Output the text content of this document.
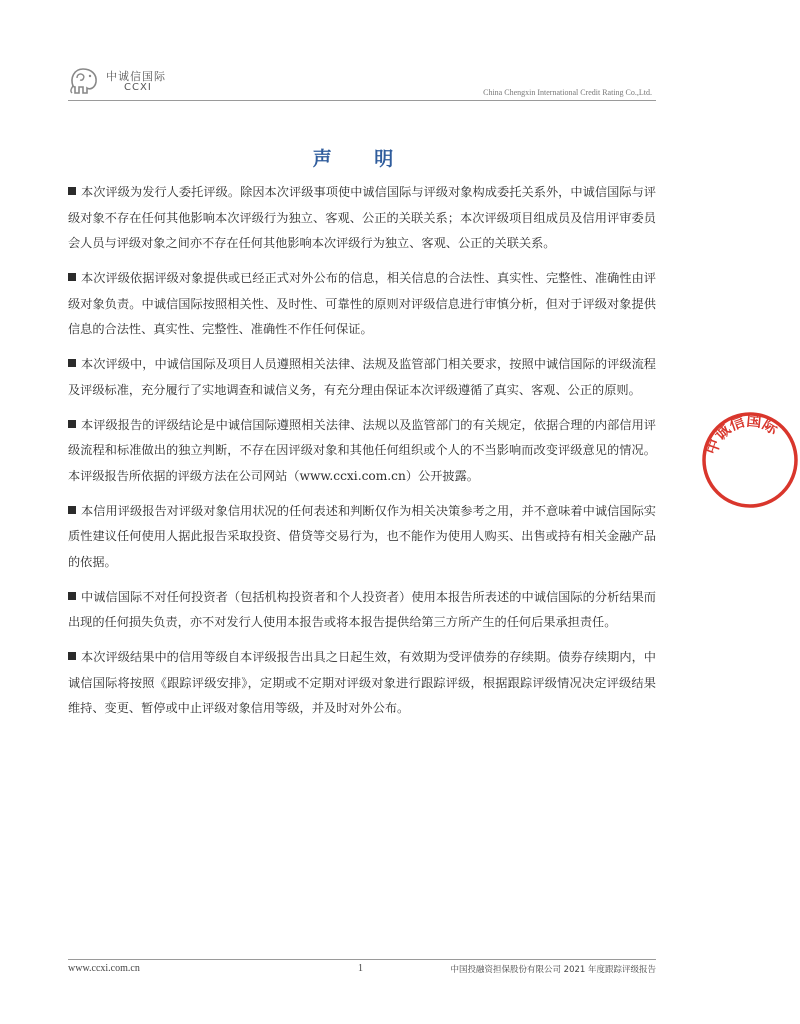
中诚信国际
CCXI	China Chengxin International Credit Rating Co.,Ltd.
声 明

本次评级为发行人委托评级。除因本次评级事项使中诚信国际与评级对象构成委托关系外，中诚信国际与评级对象不存在任何其他影响本次评级行为独立、客观、公正的关联关系；本次评级项目组成员及信用评审委员会人员与评级对象之间亦不存在任何其他影响本次评级行为独立、客观、公正的关联关系。

本次评级依据评级对象提供或已经正式对外公布的信息，相关信息的合法性、真实性、完整性、准确性由评级对象负责。中诚信国际按照相关性、及时性、可靠性的原则对评级信息进行审慎分析，但对于评级对象提供信息的合法性、真实性、完整性、准确性不作任何保证。

本次评级中，中诚信国际及项目人员遵照相关法律、法规及监管部门相关要求，按照中诚信国际的评级流程及评级标准，充分履行了实地调查和诚信义务，有充分理由保证本次评级遵循了真实、客观、公正的原则。

本评级报告的评级结论是中诚信国际遵照相关法律、法规以及监管部门的有关规定，依据合理的内部信用评级流程和标准做出的独立判断，不存在因评级对象和其他任何组织或个人的不当影响而改变评级意见的情况。本评级报告所依据的评级方法在公司网站（www.ccxi.com.cn）公开披露。

本信用评级报告对评级对象信用状况的任何表述和判断仅作为相关决策参考之用，并不意味着中诚信国际实质性建议任何使用人据此报告采取投资、借贷等交易行为，也不能作为使用人购买、出售或持有相关金融产品的依据。

中诚信国际不对任何投资者（包括机构投资者和个人投资者）使用本报告所表述的中诚信国际的分析结果而出现的任何损失负责，亦不对发行人使用本报告或将本报告提供给第三方所产生的任何后果承担责任。

本次评级结果中的信用等级自本评级报告出具之日起生效，有效期为受评债券的存续期。债券存续期内，中诚信国际将按照《跟踪评级安排》，定期或不定期对评级对象进行跟踪评级，根据跟踪评级情况决定评级结果维持、变更、暂停或中止评级对象信用等级，并及时对外公布。

中诚信国际
www.ccxi.com.cn	1	中国投融资担保股份有限公司 2021 年度跟踪评级报告
